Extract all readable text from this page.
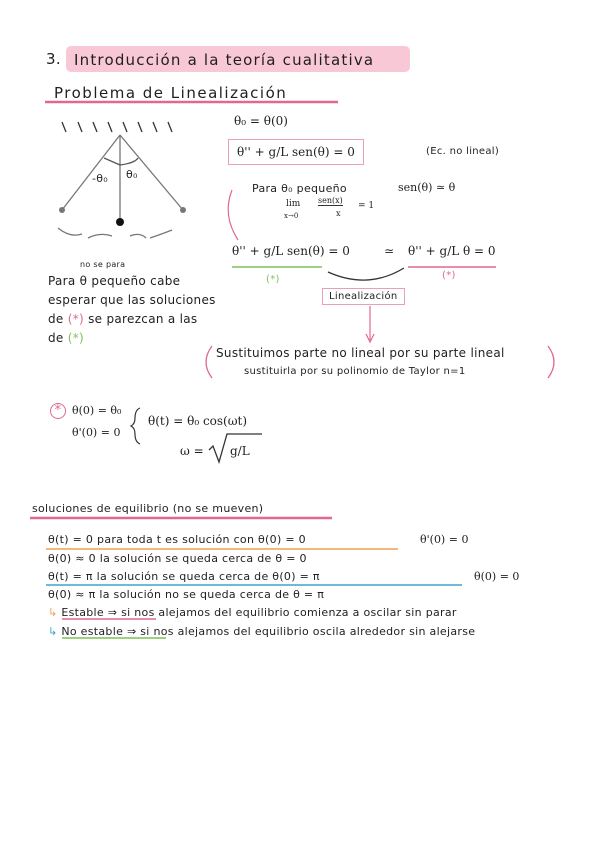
3. Introducción a la teoría cualitativa
Problema de Linealización
-θ₀ θ₀
no se para
θ₀ = θ(0)
θ'' + g/L sen(θ) = 0	(Ec. no lineal)
Para θ₀ pequeño	sen(θ) ≃ θ
lim
x→0
sen(x)
x
= 1
θ'' + g/L sen(θ) = 0	≃ θ'' + g/L θ = 0
(*)	(*)
Linealización
Para θ pequeño cabe
esperar que las soluciones
de (*) se parezcan a las
de (*)
Sustituimos parte no lineal por su parte lineal
sustituirla por su polinomio de Taylor n=1
* θ(0) = θ₀
θ'(0) = 0
θ(t) = θ₀ cos(ωt)
ω = g/L
soluciones de equilibrio (no se mueven)
θ(t) = 0 para toda t es solución con θ(0) = 0	θ'(0) = 0
θ(0) ≈ 0 la solución se queda cerca de θ = 0
θ(t) = π la solución se queda cerca de θ(0) = π	θ(0) = 0
θ(0) ≈ π la solución no se queda cerca de θ = π
↳ Estable ⇒ si nos alejamos del equilibrio comienza a oscilar sin parar
↳ No estable ⇒ si nos alejamos del equilibrio oscila alrededor sin alejarse
